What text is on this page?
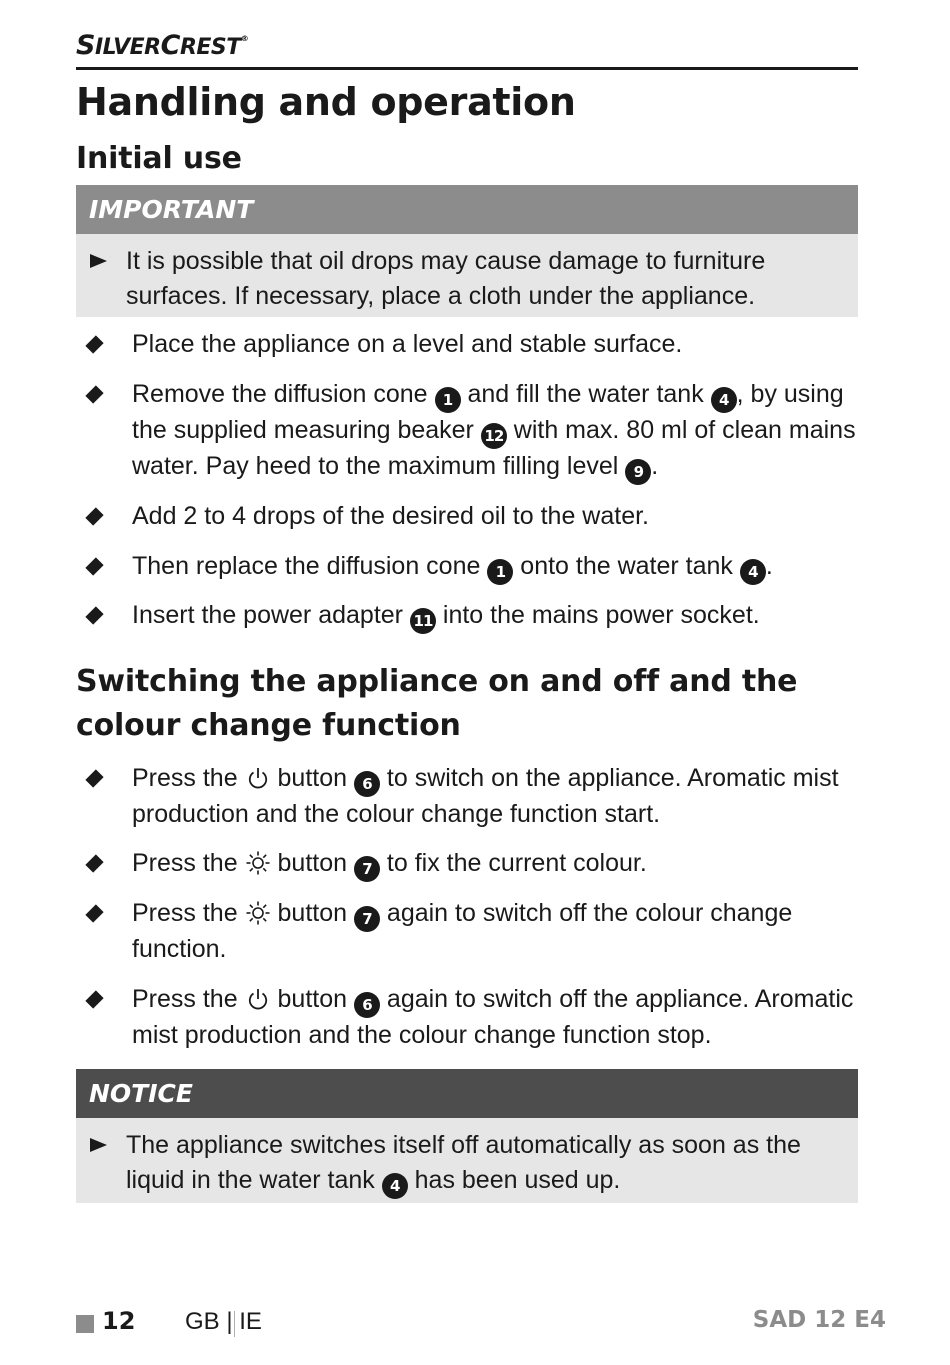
SILVERCREST®
Handling and operation
Initial use
IMPORTANT
It is possible that oil drops may cause damage to furniture surfaces. If necessary, place a cloth under the appliance.
Place the appliance on a level and stable surface.
Remove the diffusion cone 1 and fill the water tank 4 , by using the supplied measuring beaker 12 with max. 80 ml of clean mains water. Pay heed to the maximum filling level 9 .
Add 2 to 4 drops of the desired oil to the water.
Then replace the diffusion cone 1 onto the water tank 4 .
Insert the power adapter 11 into the mains power socket.
Switching the appliance on and off and the
colour change function
Press the  button 6 to switch on the appliance. Aromatic mist production and the colour change function start.
Press the  button 7 to fix the current colour.
Press the  button 7 again to switch off the colour change function.
Press the  button 6 again to switch off the appliance. Aromatic mist production and the colour change function stop.
NOTICE
The appliance switches itself off automatically as soon as the liquid in the water tank 4 has been used up.
12 GB | IE	SAD 12 E4
